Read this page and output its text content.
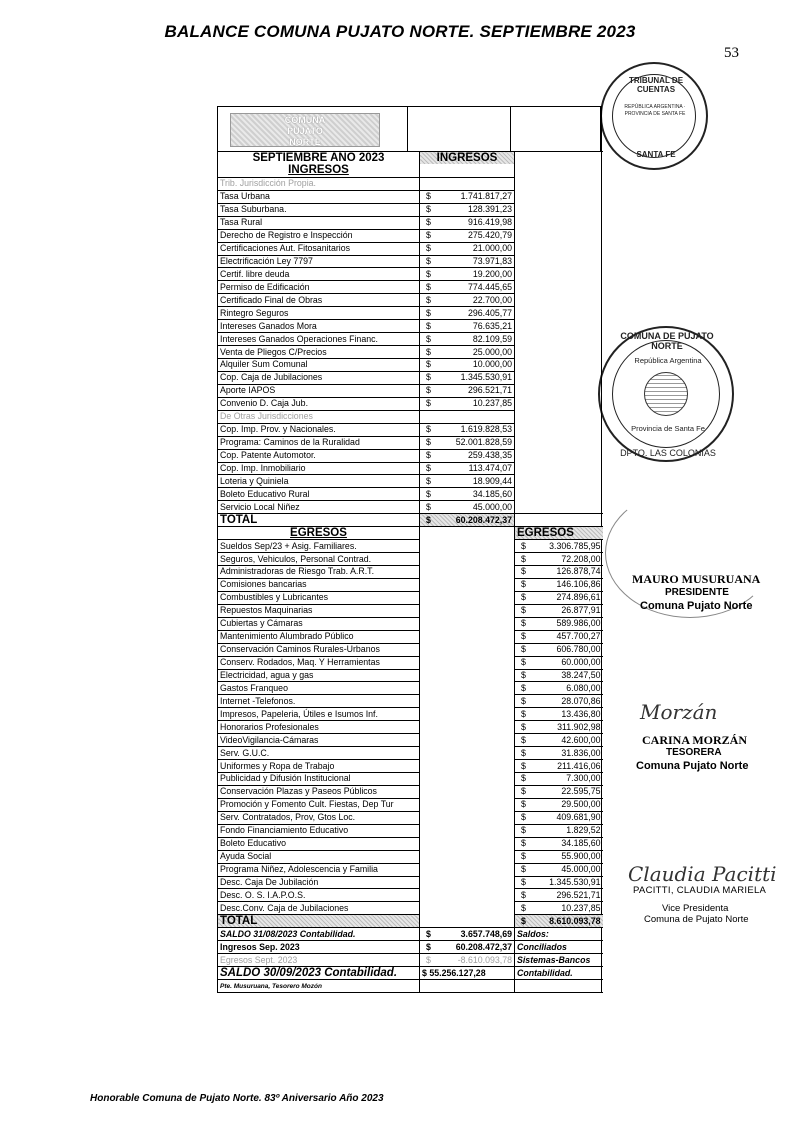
BALANCE COMUNA PUJATO NORTE. SEPTIEMBRE 2023
53
TRIBUNAL DE CUENTAS
REPÚBLICA ARGENTINA · PROVINCIA DE SANTA FE
SANTA FE
COMUNA DE PUJATO NORTE
República Argentina
Provincia de Santa Fe
DPTO. LAS COLONIAS
MAURO MUSURUANA
PRESIDENTE
Comuna Pujato Norte
Morzán
CARINA MORZÁN
TESORERA
Comuna Pujato Norte
Claudia Pacitti
PACITTI, CLAUDIA MARIELA
Vice Presidenta
Comuna de Pujato Norte
COMUNA
PUJATO
NORTE
SEPTIEMBRE AÑO 2023	INGRESOS	
INGRESOS		
Trib. Jurisdicción Propia.		
Tasa Urbana	$ 1.741.817,27	

Tasa Suburbana.	$ 128.391,23	

Tasa Rural	$ 916.419,98	

Derecho de Registro e Inspección	$ 275.420,79	

Certificaciones Aut. Fitosanitarios	$ 21.000,00	

Electrificación Ley 7797	$ 73.971,83	

Certif. libre deuda	$ 19.200,00	

Permiso de Edificación	$ 774.445,65	

Certificado Final de Obras	$ 22.700,00	

Rintegro Seguros	$ 296.405,77	

Intereses Ganados Mora	$ 76.635,21	

Intereses Ganados Operaciones Financ.	$ 82.109,59	

Venta de Pliegos C/Precios	$ 25.000,00	

Alquiler Sum Comunal	$ 10.000,00	

Cop. Caja de Jubilaciones	$ 1.345.530,91	

Aporte IAPOS	$ 296.521,71	

Convenio D. Caja Jub.	$ 10.237,85	

De Otras Jurisdicciones		
Cop. Imp. Prov. y Nacionales.	$ 1.619.828,53	

Programa: Caminos de la Ruralidad	$ 52.001.828,59	

Cop. Patente Automotor.	$ 259.438,35	

Cop. Imp. Inmobiliario	$ 113.474,07	

Loteria y Quiniela	$ 18.909,44	

Boleto Educativo Rural	$ 34.185,60	

Servicio Local Niñez	$ 45.000,00	

TOTAL	$ 60.208.472,37	

EGRESOS		EGRESOS
Sueldos Sep/23 + Asig. Familiares.		$ 3.306.785,95

Seguros, Vehiculos, Personal Contrad.		$ 72.208,00

Administradoras de Riesgo Trab. A.R.T.		$ 126.878,74

Comisiones bancarias		$ 146.106,86

Combustibles y Lubricantes		$ 274.896,61

Repuestos Maquinarias		$ 26.877,91

Cubiertas y Cámaras		$ 589.986,00

Mantenimiento Alumbrado Público		$ 457.700,27

Conservación Caminos Rurales-Urbanos		$ 606.780,00

Conserv. Rodados, Maq. Y Herramientas		$ 60.000,00

Electricidad, agua y gas		$ 38.247,50

Gastos Franqueo		$ 6.080,00

Internet -Telefonos.		$ 28.070,86

Impresos, Papeleria, Útiles e Isumos Inf.		$ 13.436,80

Honorarios Profesionales		$ 311.902,98

VideoVigilancia-Cámaras		$ 42.600,00

Serv. G.U.C.		$ 31.836,00

Uniformes y Ropa de Trabajo		$ 211.416,06

Publicidad y Difusión Institucional		$ 7.300,00

Conservación Plazas y Paseos Públicos		$ 22.595,75

Promoción y Fomento Cult. Fiestas, Dep Tur		$ 29.500,00

Serv. Contratados, Prov, Gtos Loc.		$ 409.681,90

Fondo Financiamiento Educativo		$ 1.829,52

Boleto Educativo		$ 34.185,60

Ayuda Social		$ 55.900,00

Programa Niñez, Adolescencia y Familia		$ 45.000,00

Desc. Caja De Jubilación		$ 1.345.530,91

Desc. O. S. I.A.P.O.S.		$ 296.521,71

Desc.Conv. Caja de Jubilaciones		$ 10.237,85

TOTAL		$ 8.610.093,78

SALDO 31/08/2023 Contabilidad.	$ 3.657.748,69	Saldos:
Ingresos Sep. 2023	$ 60.208.472,37	Conciliados
Egresos Sept. 2023	$ -8.610.093,78	Sistemas-Bancos
SALDO 30/09/2023 Contabilidad.	$ 55.256.127,28	Contabilidad.
Pte. Musuruana, Tesorero Mozón		
Honorable Comuna de Pujato Norte. 83º Aniversario Año 2023
